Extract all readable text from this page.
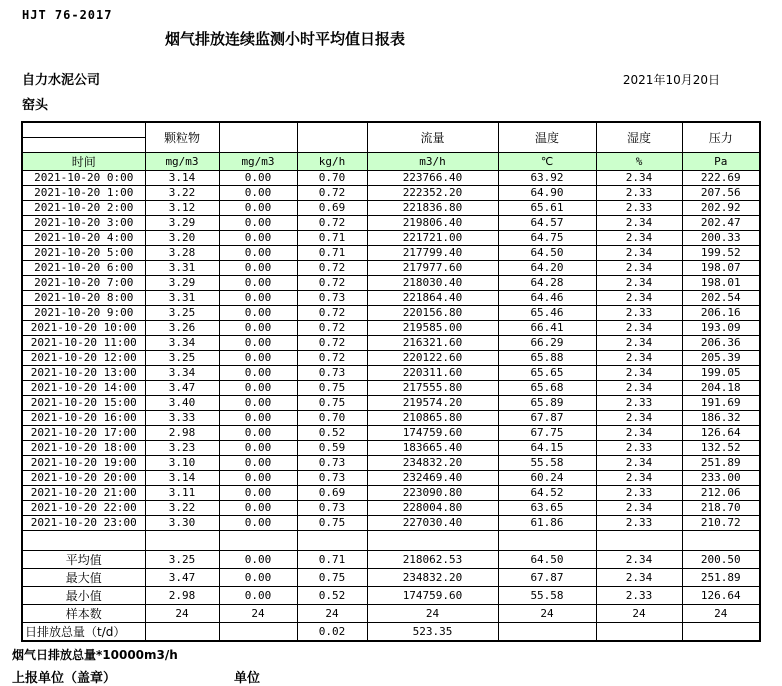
HJT 76-2017
烟气排放连续监测小时平均值日报表
自力水泥公司	2021年10月20日
窑头
	颗粒物			流量	温度	湿度	压力

时间	mg/m3	mg/m3	kg/h	m3/h	℃	%	Pa
2021-10-20 0:00	3.14	0.00	0.70	223766.40	63.92	2.34	222.69
2021-10-20 1:00	3.22	0.00	0.72	222352.20	64.90	2.33	207.56
2021-10-20 2:00	3.12	0.00	0.69	221836.80	65.61	2.33	202.92
2021-10-20 3:00	3.29	0.00	0.72	219806.40	64.57	2.34	202.47
2021-10-20 4:00	3.20	0.00	0.71	221721.00	64.75	2.34	200.33
2021-10-20 5:00	3.28	0.00	0.71	217799.40	64.50	2.34	199.52
2021-10-20 6:00	3.31	0.00	0.72	217977.60	64.20	2.34	198.07
2021-10-20 7:00	3.29	0.00	0.72	218030.40	64.28	2.34	198.01
2021-10-20 8:00	3.31	0.00	0.73	221864.40	64.46	2.34	202.54
2021-10-20 9:00	3.25	0.00	0.72	220156.80	65.46	2.33	206.16
2021-10-20 10:00	3.26	0.00	0.72	219585.00	66.41	2.34	193.09
2021-10-20 11:00	3.34	0.00	0.72	216321.60	66.29	2.34	206.36
2021-10-20 12:00	3.25	0.00	0.72	220122.60	65.88	2.34	205.39
2021-10-20 13:00	3.34	0.00	0.73	220311.60	65.65	2.34	199.05
2021-10-20 14:00	3.47	0.00	0.75	217555.80	65.68	2.34	204.18
2021-10-20 15:00	3.40	0.00	0.75	219574.20	65.89	2.33	191.69
2021-10-20 16:00	3.33	0.00	0.70	210865.80	67.87	2.34	186.32
2021-10-20 17:00	2.98	0.00	0.52	174759.60	67.75	2.34	126.64
2021-10-20 18:00	3.23	0.00	0.59	183665.40	64.15	2.33	132.52
2021-10-20 19:00	3.10	0.00	0.73	234832.20	55.58	2.34	251.89
2021-10-20 20:00	3.14	0.00	0.73	232469.40	60.24	2.34	233.00
2021-10-20 21:00	3.11	0.00	0.69	223090.80	64.52	2.33	212.06
2021-10-20 22:00	3.22	0.00	0.73	228004.80	63.65	2.34	218.70
2021-10-20 23:00	3.30	0.00	0.75	227030.40	61.86	2.33	210.72

平均值	3.25	0.00	0.71	218062.53	64.50	2.34	200.50
最大值	3.47	0.00	0.75	234832.20	67.87	2.34	251.89
最小值	2.98	0.00	0.52	174759.60	55.58	2.33	126.64
样本数	24	24	24	24	24	24	24
日排放总量（t/d）			0.02	523.35			
烟气日排放总量*10000m3/h
上报单位（盖章）	单位
